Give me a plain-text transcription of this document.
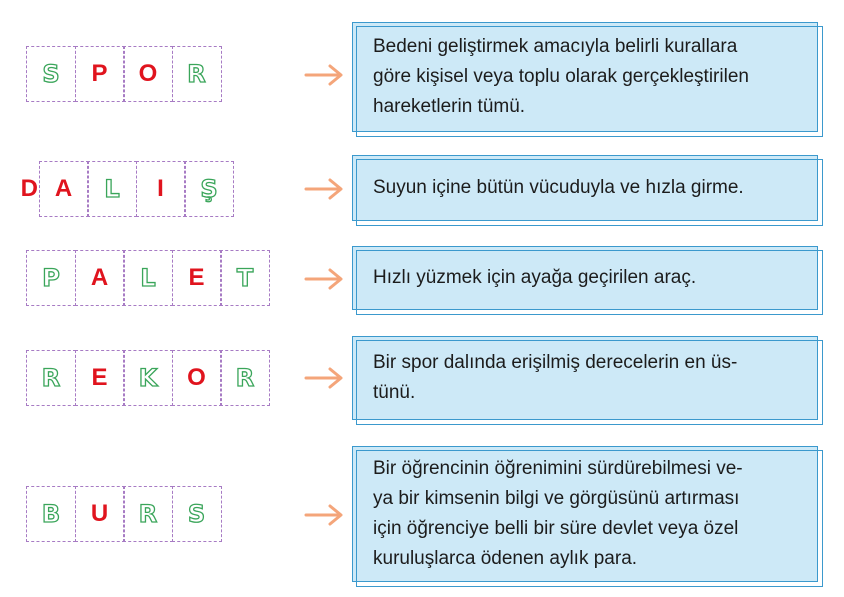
S	P	O	R
Bedeni geliştirmek amacıyla belirli kurallara
göre kişisel veya toplu olarak gerçekleştirilen
hareketlerin tümü.
D A	L	I	Ş	Suyun içine bütün vücuduyla ve hızla girme.
P	A	L	E	T	Hızlı yüzmek için ayağa geçirilen araç.
R	E	K	O	R
Bir spor dalında erişilmiş derecelerin en üs-
tünü.
B	U	R	S
Bir öğrencinin öğrenimini sürdürebilmesi ve-
ya bir kimsenin bilgi ve görgüsünü artırması
için öğrenciye belli bir süre devlet veya özel
kuruluşlarca ödenen aylık para.
